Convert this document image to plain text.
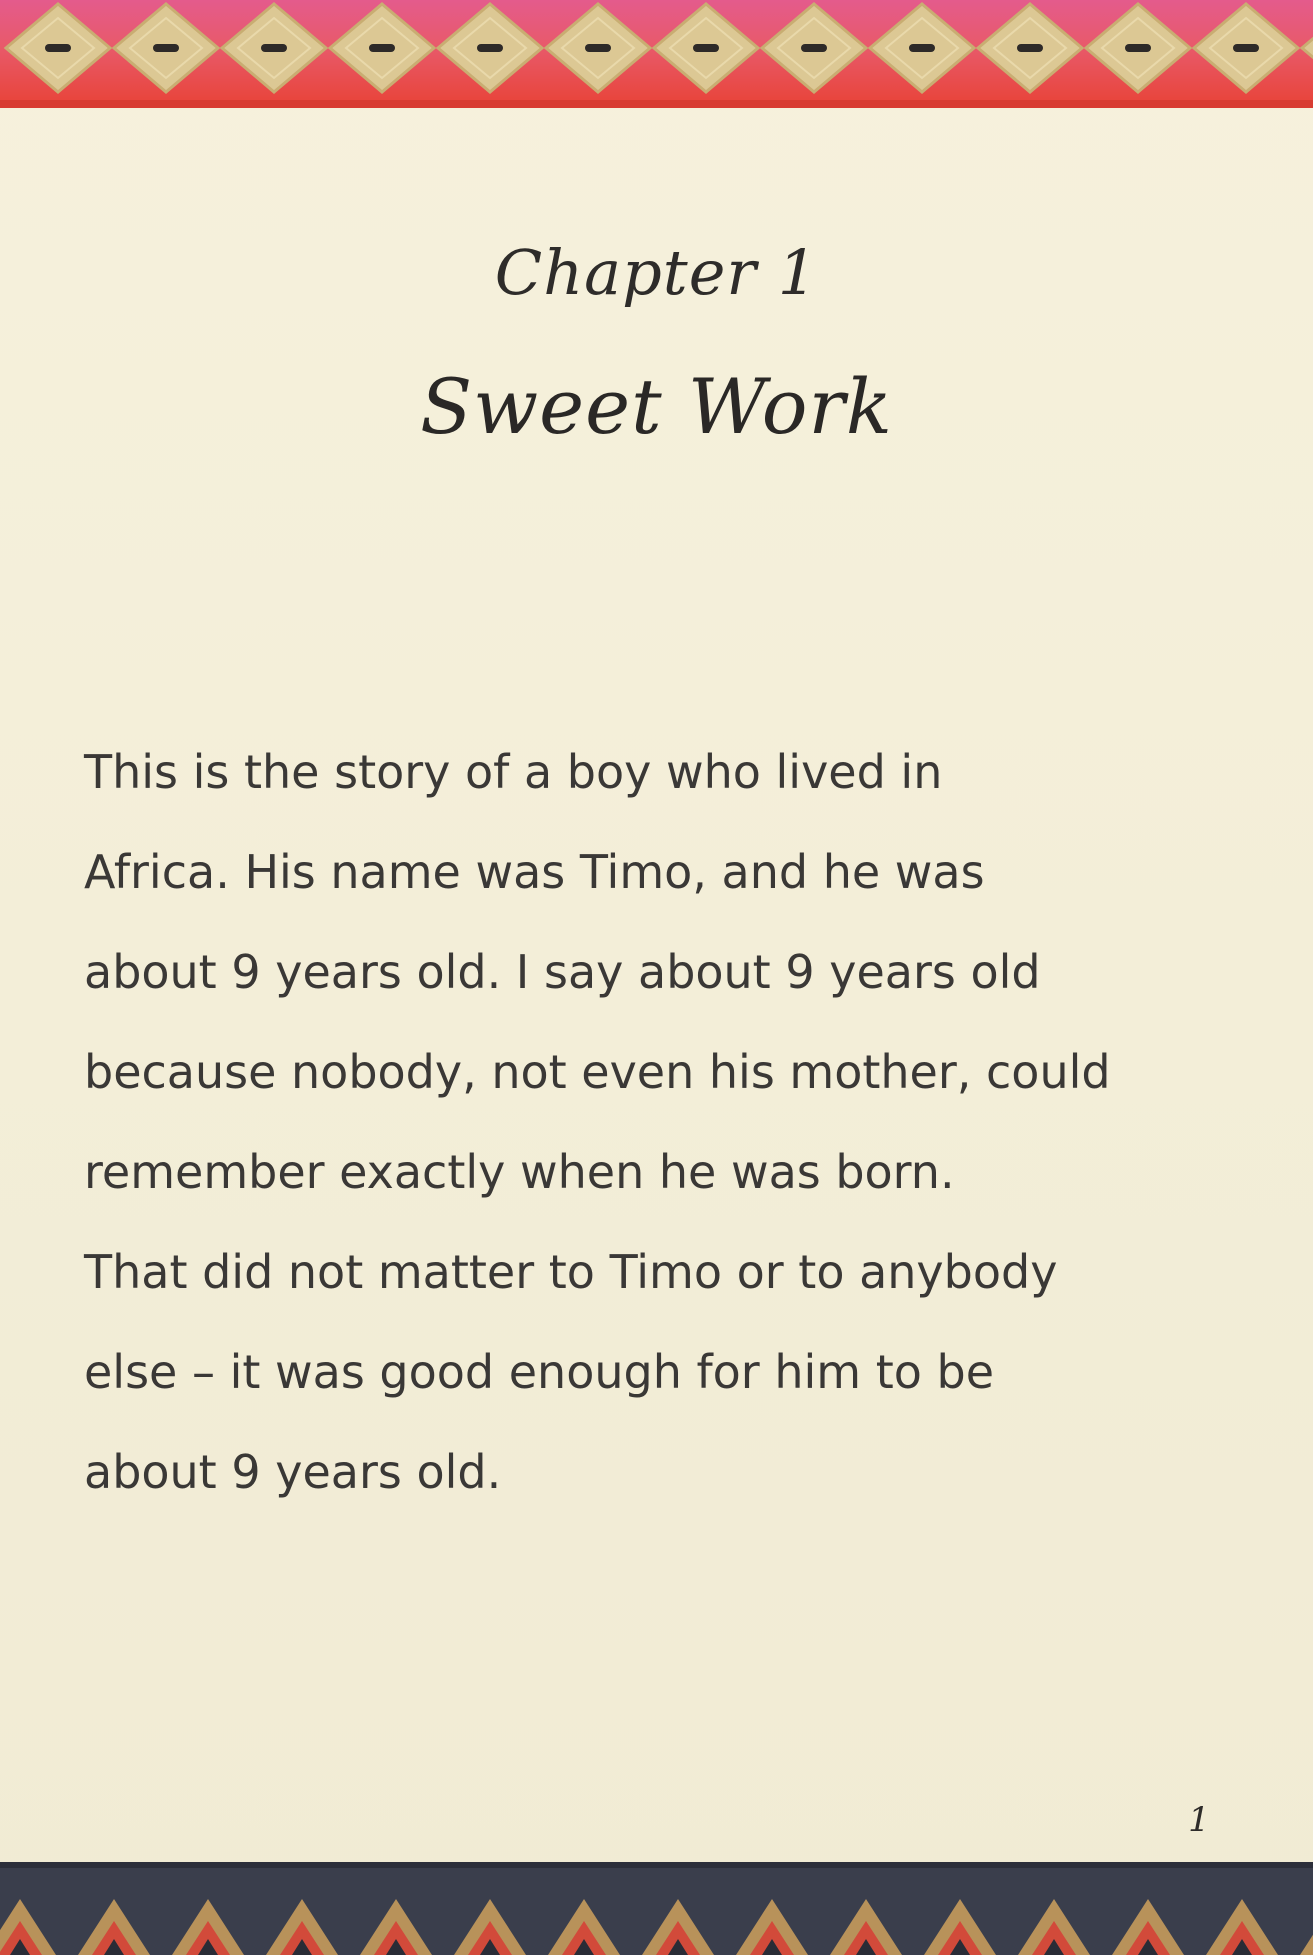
Chapter 1
Sweet Work
This is the story of a boy who lived in
Africa. His name was Timo, and he was
about 9 years old. I say about 9 years old
because nobody, not even his mother, could
remember exactly when he was born.
That did not matter to Timo or to anybody
else – it was good enough for him to be
about 9 years old.
1
